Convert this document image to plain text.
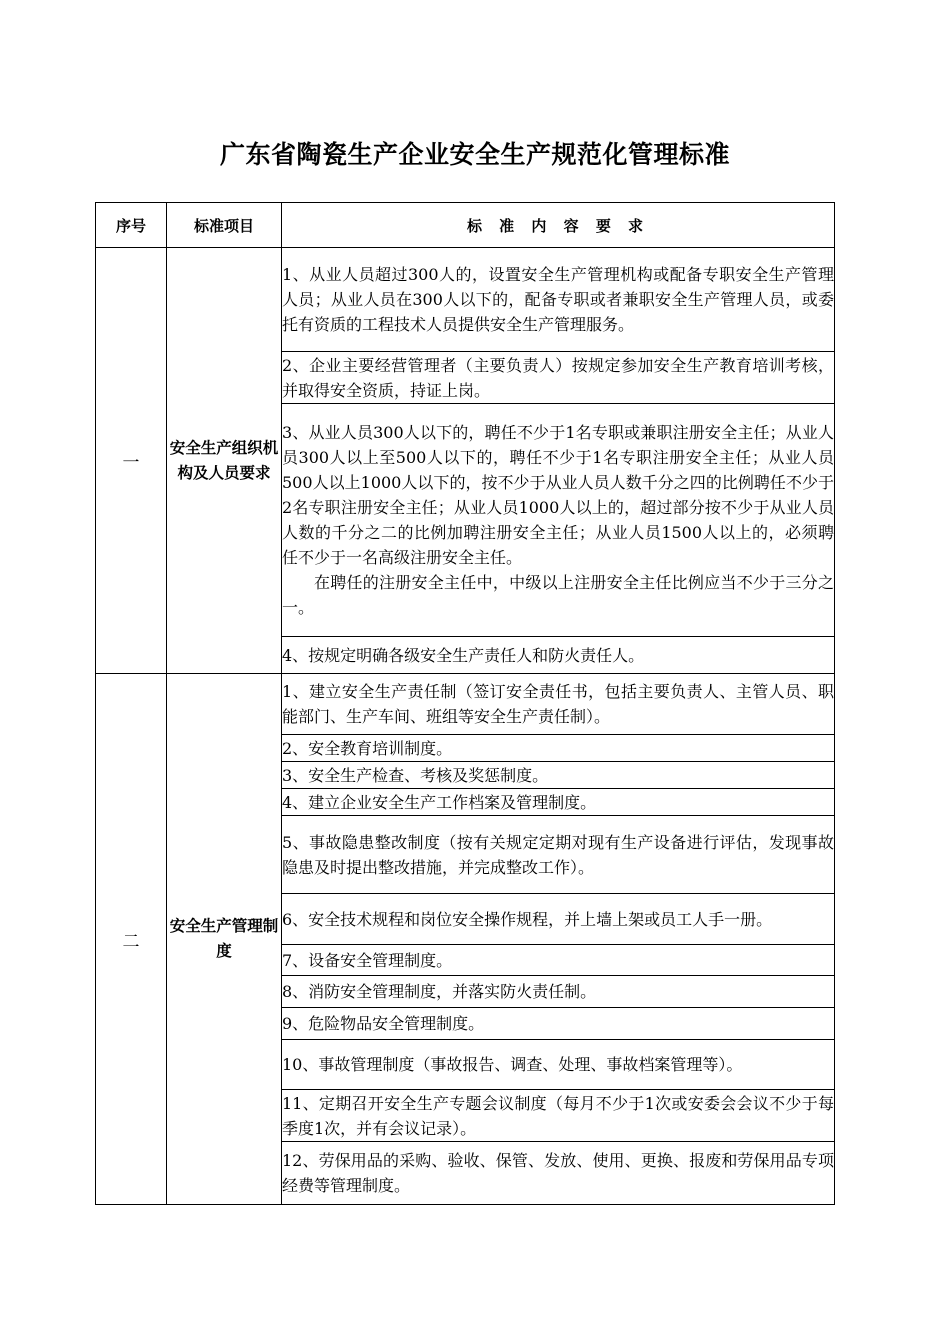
广东省陶瓷生产企业安全生产规范化管理标准
序号	标准项目	标 准 内 容 要 求
一	安全生产组织机构及人员要求	1、从业人员超过300人的，设置安全生产管理机构或配备专职安全生产管理人员；从业人员在300人以下的，配备专职或者兼职安全生产管理人员，或委托有资质的工程技术人员提供安全生产管理服务。

		2、企业主要经营管理者（主要负责人）按规定参加安全生产教育培训考核，并取得安全资质，持证上岗。

		3、从业人员300人以下的，聘任不少于1名专职或兼职注册安全主任；从业人员300人以上至500人以下的，聘任不少于1名专职注册安全主任；从业人员500人以上1000人以下的，按不少于从业人员人数千分之四的比例聘任不少于2名专职注册安全主任；从业人员1000人以上的，超过部分按不少于从业人员人数的千分之二的比例加聘注册安全主任；从业人员1500人以上的，必须聘任不少于一名高级注册安全主任。
在聘任的注册安全主任中，中级以上注册安全主任比例应当不少于三分之一。

		4、按规定明确各级安全生产责任人和防火责任人。

二	安全生产管理制度	1、建立安全生产责任制（签订安全责任书，包括主要负责人、主管人员、职能部门、生产车间、班组等安全生产责任制）。

		2、安全教育培训制度。

		3、安全生产检查、考核及奖惩制度。

		4、建立企业安全生产工作档案及管理制度。

		5、事故隐患整改制度（按有关规定定期对现有生产设备进行评估，发现事故隐患及时提出整改措施，并完成整改工作）。

		6、安全技术规程和岗位安全操作规程，并上墙上架或员工人手一册。

		7、设备安全管理制度。

		8、消防安全管理制度，并落实防火责任制。

		9、危险物品安全管理制度。

		10、事故管理制度（事故报告、调查、处理、事故档案管理等）。

		11、定期召开安全生产专题会议制度（每月不少于1次或安委会会议不少于每季度1次，并有会议记录）。

		12、劳保用品的采购、验收、保管、发放、使用、更换、报废和劳保用品专项经费等管理制度。
